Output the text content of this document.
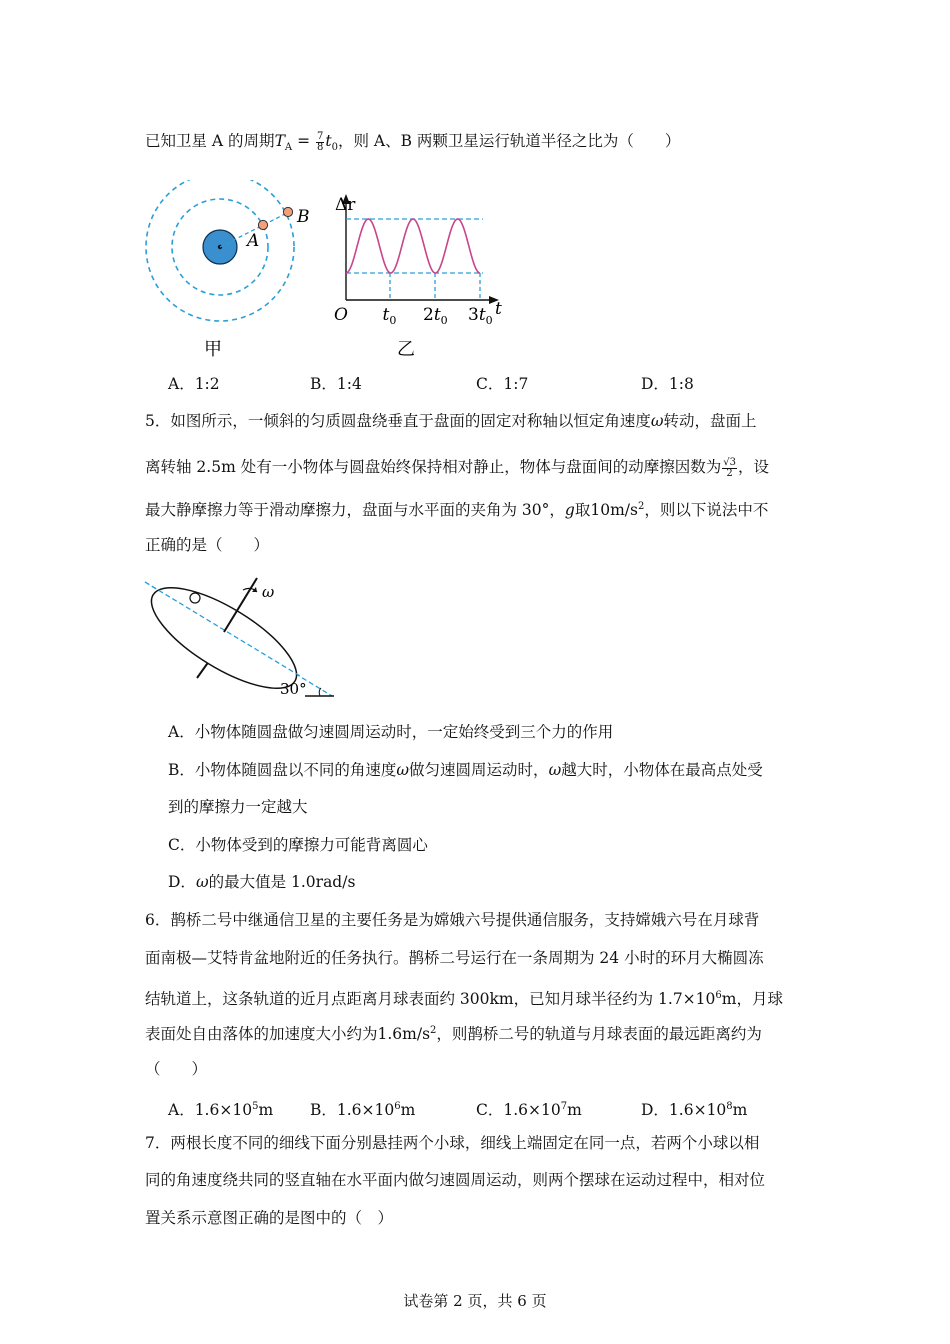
已知卫星 A 的周期$T_A = \frac{7}{8} t_0$，则 A、B 两颗卫星运行轨道半径之比为（　　）
A
B
甲
Δr
t
O $t_0$ $2t_0$ $3t_0$
乙
A．1:2	B．1:4	C．1:7	D．1:8
5．如图所示，一倾斜的匀质圆盘绕垂直于盘面的固定对称轴以恒定角速度ω转动，盘面上
离转轴 2.5m 处有一小物体与圆盘始终保持相对静止，物体与盘面间的动摩擦因数为 $\frac{√3}{2}$ ，设
最大静摩擦力等于滑动摩擦力，盘面与水平面的夹角为 30°，g取$10m/s^2$，则以下说法中不
正确的是（　　）
ω
30°
A．小物体随圆盘做匀速圆周运动时，一定始终受到三个力的作用
B．小物体随圆盘以不同的角速度ω做匀速圆周运动时，ω越大时，小物体在最高点处受
到的摩擦力一定越大
C．小物体受到的摩擦力可能背离圆心
D．ω的最大值是 1.0rad/s
6．鹊桥二号中继通信卫星的主要任务是为嫦娥六号提供通信服务，支持嫦娥六号在月球背
面南极—艾特肯盆地附近的任务执行。鹊桥二号运行在一条周期为 24 小时的环月大椭圆冻
结轨道上，这条轨道的近月点距离月球表面约 300km，已知月球半径约为 $1.7\times 10^6m$，月球
表面处自由落体的加速度大小约为$1.6m/s^2$，则鹊桥二号的轨道与月球表面的最远距离约为
（　　）
A．$1.6\times 10^5m$ B．$1.6\times 10^6m$	C．$1.6\times 10^7m$	D．$1.6\times 10^8m$
7．两根长度不同的细线下面分别悬挂两个小球，细线上端固定在同一点，若两个小球以相
同的角速度绕共同的竖直轴在水平面内做匀速圆周运动，则两个摆球在运动过程中，相对位
置关系示意图正确的是图中的（　）
试卷第 2 页，共 6 页
